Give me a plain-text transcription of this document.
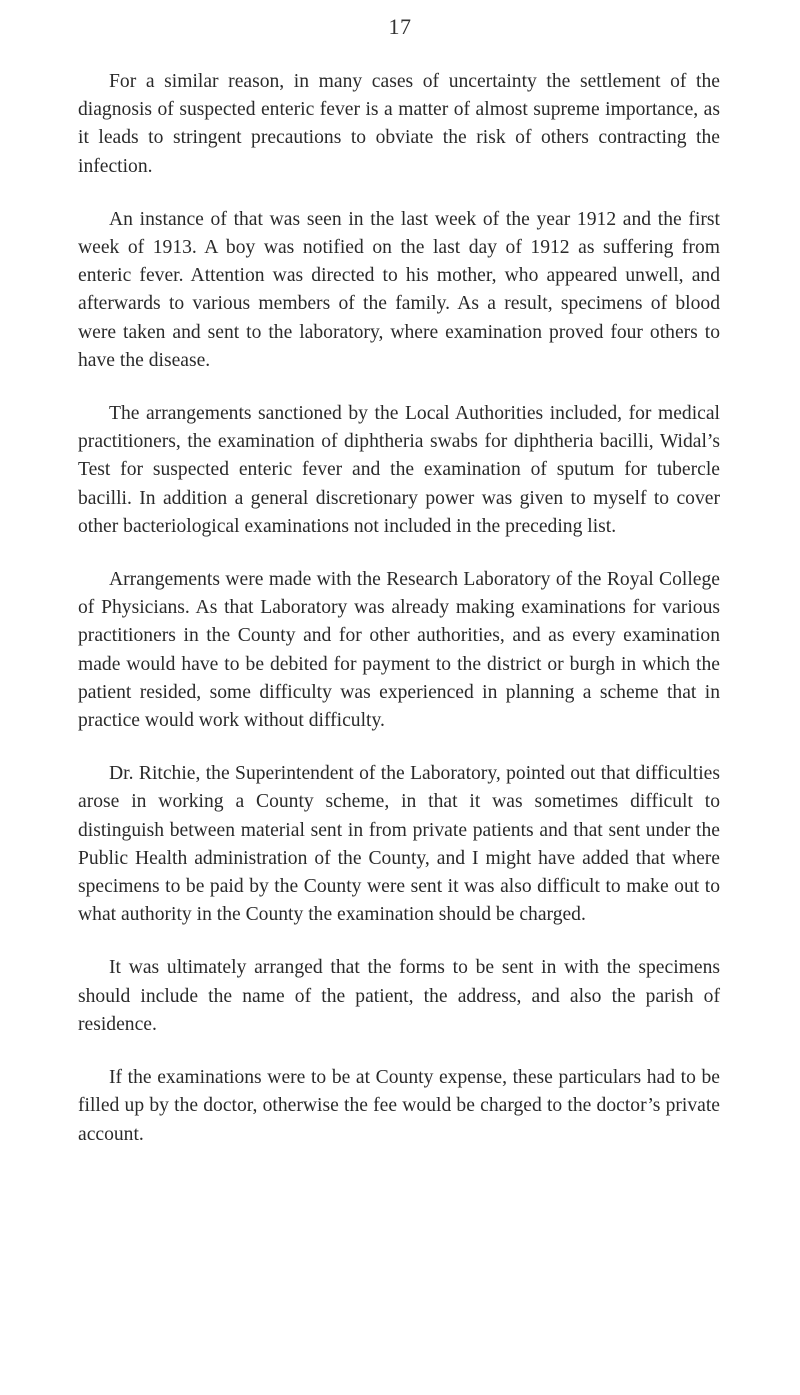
17

For a similar reason, in many cases of uncertainty the settlement of the diagnosis of suspected enteric fever is a matter of almost supreme importance, as it leads to stringent precautions to obviate the risk of others contracting the infection.

An instance of that was seen in the last week of the year 1912 and the first week of 1913. A boy was notified on the last day of 1912 as suffering from enteric fever. Attention was directed to his mother, who appeared unwell, and afterwards to various members of the family. As a result, specimens of blood were taken and sent to the laboratory, where examination proved four others to have the disease.

The arrangements sanctioned by the Local Authorities included, for medical practitioners, the examination of diphtheria swabs for diphtheria bacilli, Widal’s Test for suspected enteric fever and the examination of sputum for tubercle bacilli. In addition a general discretionary power was given to myself to cover other bacteriological examinations not included in the preceding list.

Arrangements were made with the Research Laboratory of the Royal College of Physicians. As that Laboratory was already making examinations for various practitioners in the County and for other authorities, and as every examination made would have to be debited for payment to the district or burgh in which the patient resided, some difficulty was experienced in planning a scheme that in practice would work without difficulty.

Dr. Ritchie, the Superintendent of the Laboratory, pointed out that difficulties arose in working a County scheme, in that it was sometimes difficult to distinguish between material sent in from private patients and that sent under the Public Health administration of the County, and I might have added that where specimens to be paid by the County were sent it was also difficult to make out to what authority in the County the examination should be charged.

It was ultimately arranged that the forms to be sent in with the specimens should include the name of the patient, the address, and also the parish of residence.

If the examinations were to be at County expense, these particulars had to be filled up by the doctor, otherwise the fee would be charged to the doctor’s private account.
